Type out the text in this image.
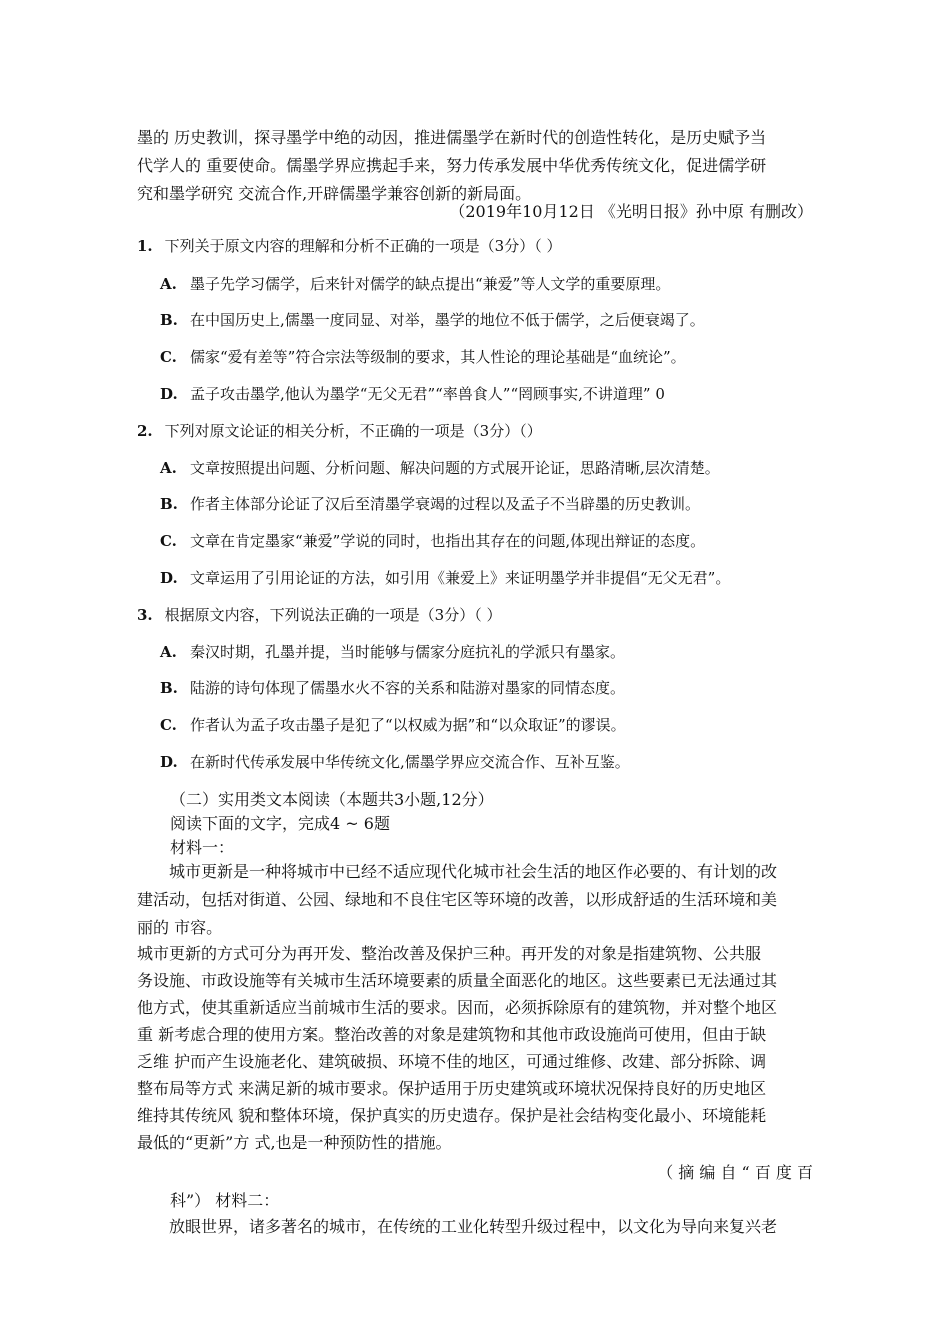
墨的 历史教训，探寻墨学中绝的动因，推进儒墨学在新时代的创造性转化，是历史赋予当
代学人的 重要使命。儒墨学界应携起手来，努力传承发展中华优秀传统文化，促进儒学研
究和墨学研究 交流合作,开辟儒墨学兼容创新的新局面。
（2019年10月12日 《光明日报》孙中原 有删改）
1. 下列关于原文内容的理解和分析不正确的一项是（3分）（ ）
A. 墨子先学习儒学，后来针对儒学的缺点提出“兼爱”等人文学的重要原理。
B. 在中国历史上,儒墨一度同显、对举，墨学的地位不低于儒学，之后便衰竭了。
C. 儒家“爱有差等”符合宗法等级制的要求，其人性论的理论基础是“血统论”。
D. 孟子攻击墨学,他认为墨学“无父无君”“率兽食人”“罔顾事实,不讲道理” 0
2. 下列对原文论证的相关分析，不正确的一项是（3分）（）
A. 文章按照提出问题、分析问题、解决问题的方式展开论证，思路清晰,层次清楚。
B. 作者主体部分论证了汉后至清墨学衰竭的过程以及孟子不当辟墨的历史教训。
C. 文章在肯定墨家“兼爱”学说的同时，也指出其存在的问题,体现出辩证的态度。
D. 文章运用了引用论证的方法，如引用《兼爱上》来证明墨学并非提倡“无父无君”。
3. 根据原文内容，下列说法正确的一项是（3分）（ ）
A. 秦汉时期，孔墨并提，当时能够与儒家分庭抗礼的学派只有墨家。
B. 陆游的诗句体现了儒墨水火不容的关系和陆游对墨家的同情态度。
C. 作者认为孟子攻击墨子是犯了“以权威为据”和“以众取证”的谬误。
D. 在新时代传承发展中华传统文化,儒墨学界应交流合作、互补互鉴。
（二）实用类文本阅读（本题共3小题,12分）
阅读下面的文字，完成4 ~ 6题
材料一：
城市更新是一种将城市中已经不适应现代化城市社会生活的地区作必要的、有计划的改
建活动，包括对街道、公园、绿地和不良住宅区等环境的改善，以形成舒适的生活环境和美
丽的 市容。
城市更新的方式可分为再开发、整治改善及保护三种。再开发的对象是指建筑物、公共服
务设施、市政设施等有关城市生活环境要素的质量全面恶化的地区。这些要素已无法通过其
他方式，使其重新适应当前城市生活的要求。因而，必须拆除原有的建筑物，并对整个地区
重 新考虑合理的使用方案。整治改善的对象是建筑物和其他市政设施尚可使用，但由于缺
乏维 护而产生设施老化、建筑破损、环境不佳的地区，可通过维修、改建、部分拆除、调
整布局等方式 来满足新的城市要求。保护适用于历史建筑或环境状况保持良好的历史地区
维持其传统风 貌和整体环境，保护真实的历史遗存。保护是社会结构变化最小、环境能耗
最低的“更新”方 式,也是一种预防性的措施。
（ 摘 编 自 “ 百 度 百
科”） 材料二：
放眼世界，诸多著名的城市，在传统的工业化转型升级过程中，以文化为导向来复兴老
